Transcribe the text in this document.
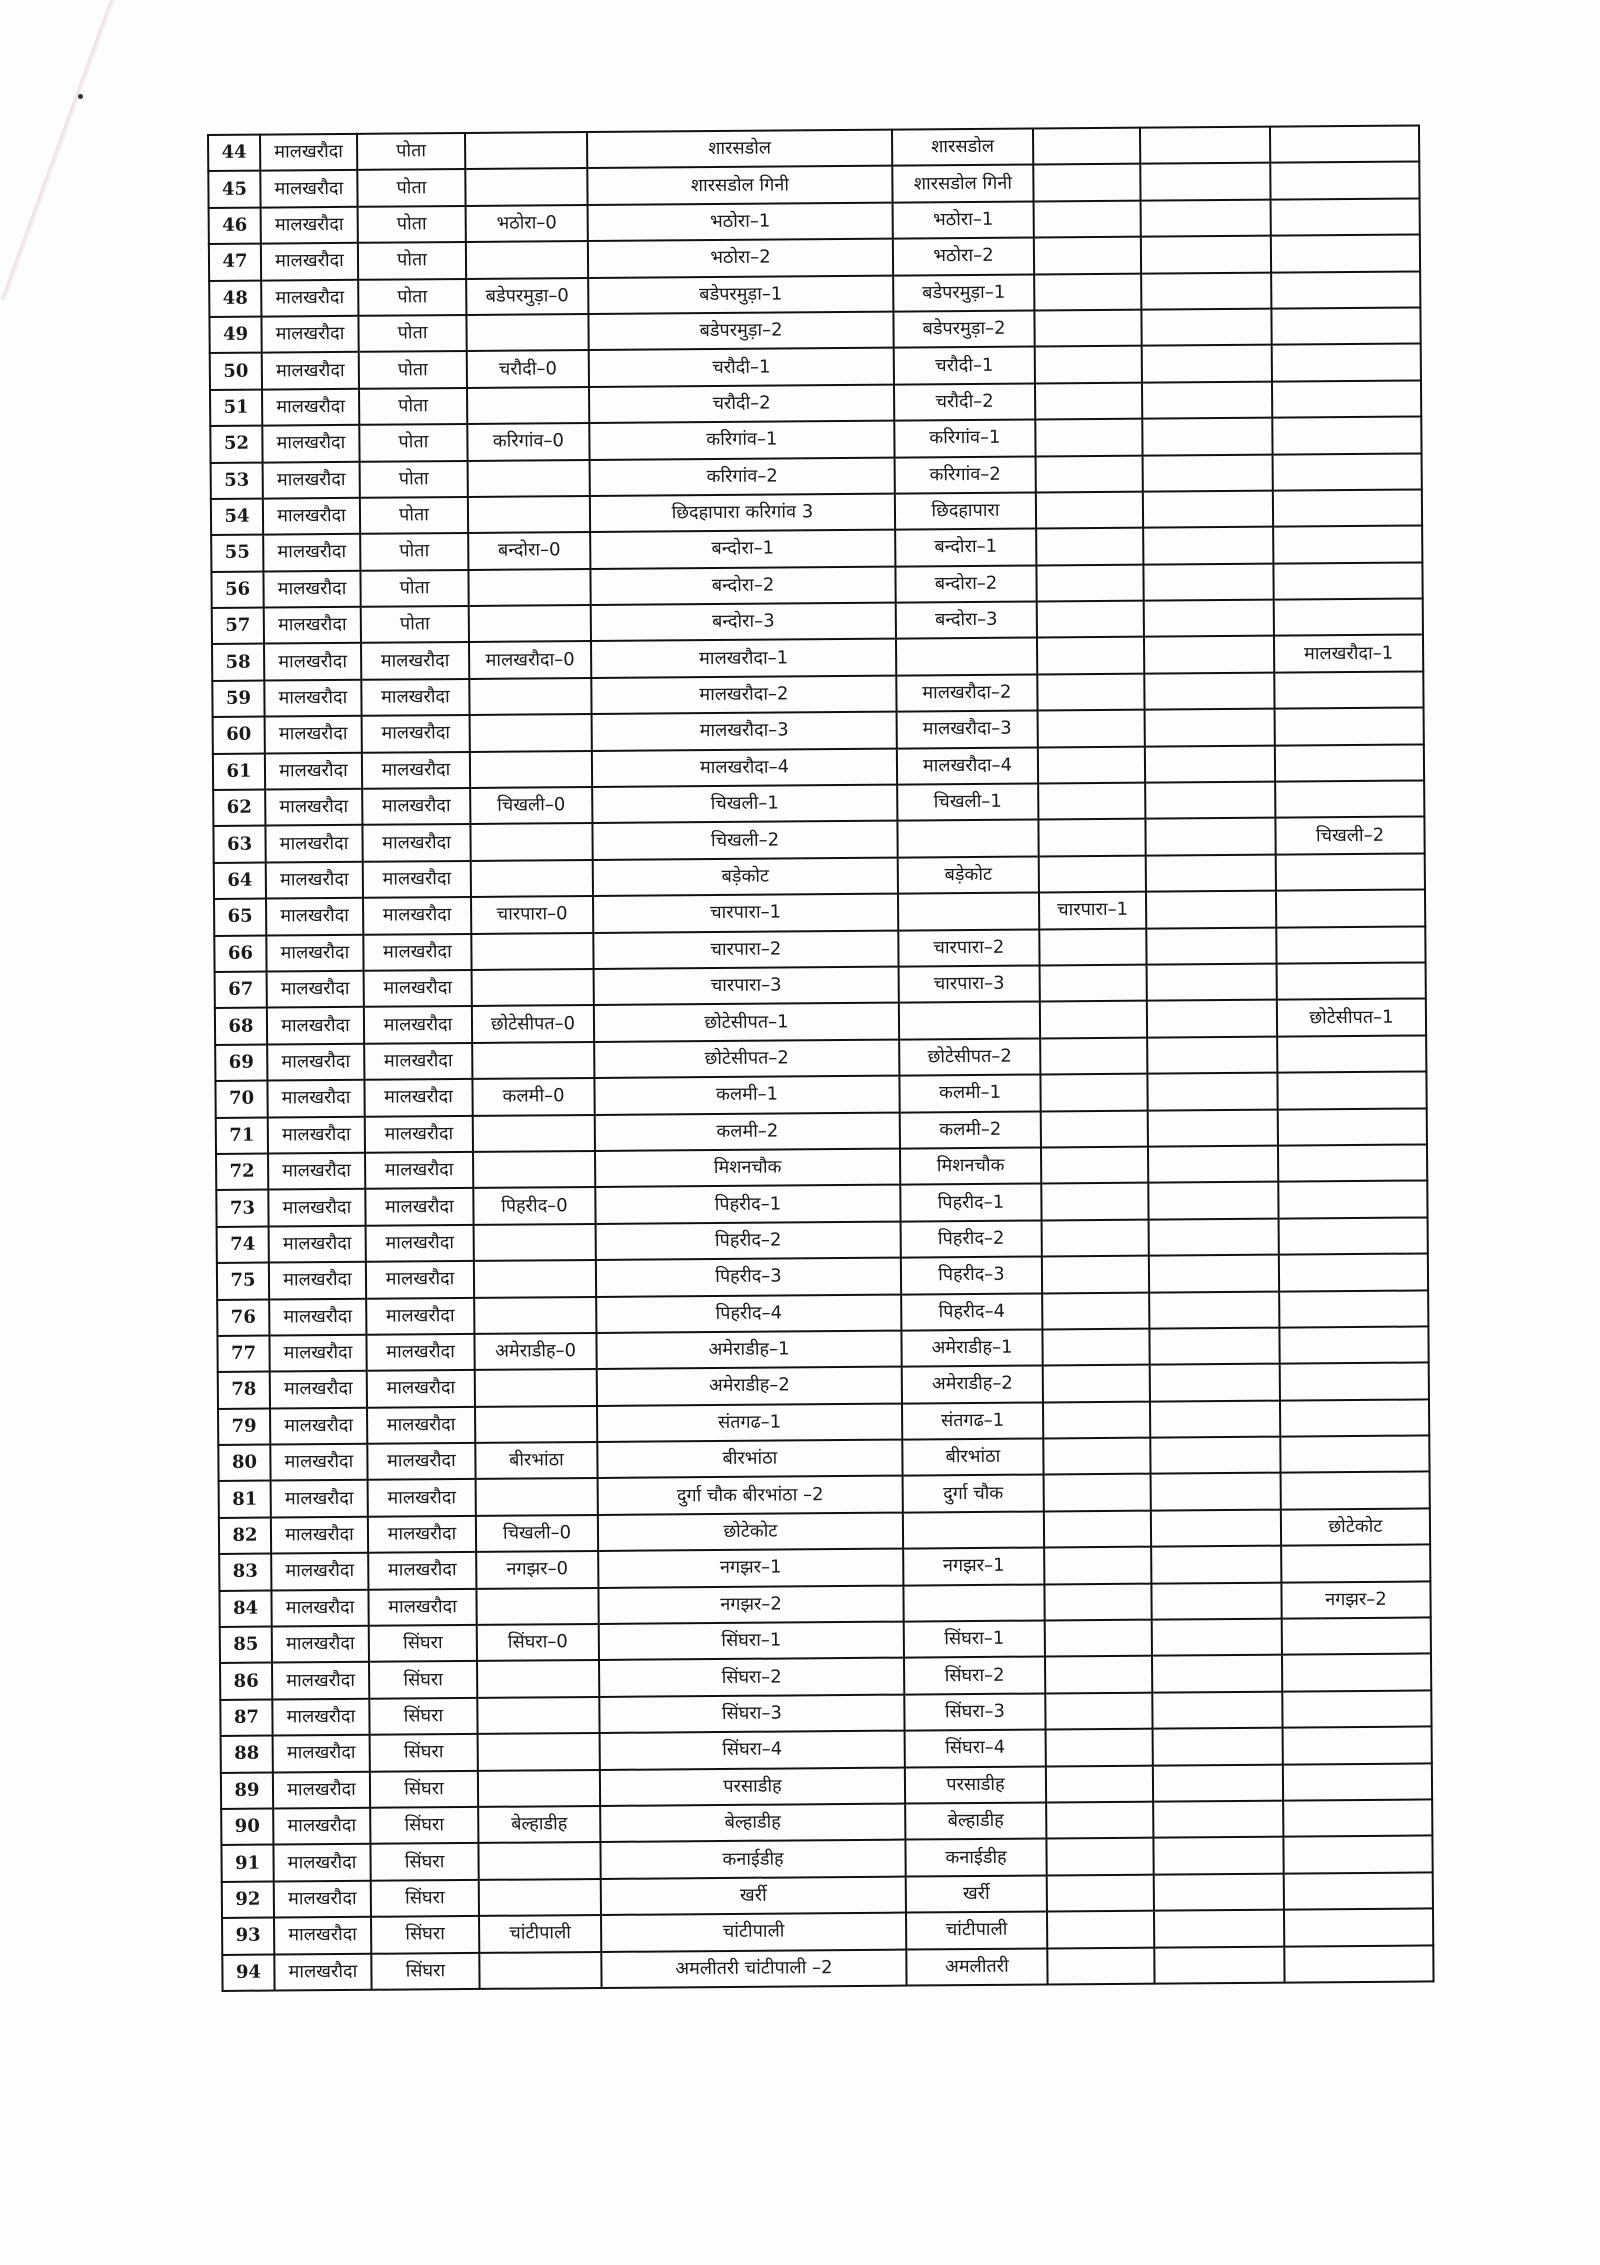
44	मालखरौदा	पोता		शारसडोल	शारसडोल			
45	मालखरौदा	पोता		शारसडोल गिनी	शारसडोल गिनी			
46	मालखरौदा	पोता	भठोरा–0	भठोरा–1	भठोरा–1			
47	मालखरौदा	पोता		भठोरा–2	भठोरा–2			
48	मालखरौदा	पोता	बडेपरमुड़ा–0	बडेपरमुड़ा–1	बडेपरमुड़ा–1			
49	मालखरौदा	पोता		बडेपरमुड़ा–2	बडेपरमुड़ा–2			
50	मालखरौदा	पोता	चरौदी–0	चरौदी–1	चरौदी–1			
51	मालखरौदा	पोता		चरौदी–2	चरौदी–2			
52	मालखरौदा	पोता	करिगांव–0	करिगांव–1	करिगांव–1			
53	मालखरौदा	पोता		करिगांव–2	करिगांव–2			
54	मालखरौदा	पोता		छिदहापारा करिगांव 3	छिदहापारा			
55	मालखरौदा	पोता	बन्दोरा–0	बन्दोरा–1	बन्दोरा–1			
56	मालखरौदा	पोता		बन्दोरा–2	बन्दोरा–2			
57	मालखरौदा	पोता		बन्दोरा–3	बन्दोरा–3			
58	मालखरौदा	मालखरौदा	मालखरौदा–0	मालखरौदा–1				मालखरौदा–1
59	मालखरौदा	मालखरौदा		मालखरौदा–2	मालखरौदा–2			
60	मालखरौदा	मालखरौदा		मालखरौदा–3	मालखरौदा–3			
61	मालखरौदा	मालखरौदा		मालखरौदा–4	मालखरौदा–4			
62	मालखरौदा	मालखरौदा	चिखली–0	चिखली–1	चिखली–1			
63	मालखरौदा	मालखरौदा		चिखली–2				चिखली–2
64	मालखरौदा	मालखरौदा		बड़ेकोट	बड़ेकोट			
65	मालखरौदा	मालखरौदा	चारपारा–0	चारपारा–1		चारपारा–1		
66	मालखरौदा	मालखरौदा		चारपारा–2	चारपारा–2			
67	मालखरौदा	मालखरौदा		चारपारा–3	चारपारा–3			
68	मालखरौदा	मालखरौदा	छोटेसीपत–0	छोटेसीपत–1				छोटेसीपत–1
69	मालखरौदा	मालखरौदा		छोटेसीपत–2	छोटेसीपत–2			
70	मालखरौदा	मालखरौदा	कलमी–0	कलमी–1	कलमी–1			
71	मालखरौदा	मालखरौदा		कलमी–2	कलमी–2			
72	मालखरौदा	मालखरौदा		मिशनचौक	मिशनचौक			
73	मालखरौदा	मालखरौदा	पिहरीद–0	पिहरीद–1	पिहरीद–1			
74	मालखरौदा	मालखरौदा		पिहरीद–2	पिहरीद–2			
75	मालखरौदा	मालखरौदा		पिहरीद–3	पिहरीद–3			
76	मालखरौदा	मालखरौदा		पिहरीद–4	पिहरीद–4			
77	मालखरौदा	मालखरौदा	अमेराडीह–0	अमेराडीह–1	अमेराडीह–1			
78	मालखरौदा	मालखरौदा		अमेराडीह–2	अमेराडीह–2			
79	मालखरौदा	मालखरौदा		संतगढ–1	संतगढ–1			
80	मालखरौदा	मालखरौदा	बीरभांठा	बीरभांठा	बीरभांठा			
81	मालखरौदा	मालखरौदा		दुर्गा चौक बीरभांठा –2	दुर्गा चौक			
82	मालखरौदा	मालखरौदा	चिखली–0	छोटेकोट				छोटेकोट
83	मालखरौदा	मालखरौदा	नगझर–0	नगझर–1	नगझर–1			
84	मालखरौदा	मालखरौदा		नगझर–2				नगझर–2
85	मालखरौदा	सिंघरा	सिंघरा–0	सिंघरा–1	सिंघरा–1			
86	मालखरौदा	सिंघरा		सिंघरा–2	सिंघरा–2			
87	मालखरौदा	सिंघरा		सिंघरा–3	सिंघरा–3			
88	मालखरौदा	सिंघरा		सिंघरा–4	सिंघरा–4			
89	मालखरौदा	सिंघरा		परसाडीह	परसाडीह			
90	मालखरौदा	सिंघरा	बेल्हाडीह	बेल्हाडीह	बेल्हाडीह			
91	मालखरौदा	सिंघरा		कनाईडीह	कनाईडीह			
92	मालखरौदा	सिंघरा		खर्री	खर्री			
93	मालखरौदा	सिंघरा	चांटीपाली	चांटीपाली	चांटीपाली			
94	मालखरौदा	सिंघरा		अमलीतरी चांटीपाली –2	अमलीतरी			
